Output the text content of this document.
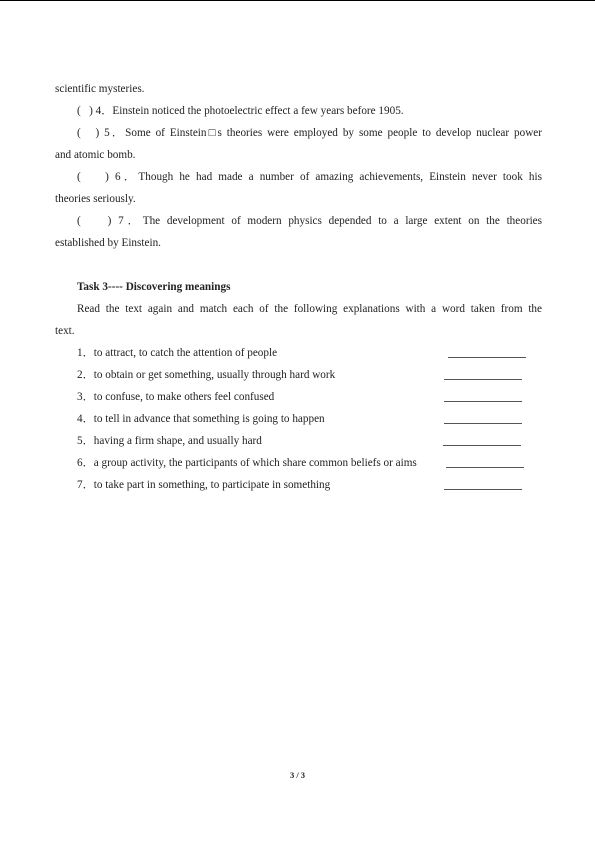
scientific mysteries.
(   ) 4．Einstein noticed the photoelectric effect a few years before 1905.
(   ) 5．Some of Einstein□s theories were employed by some people to develop nuclear power
and atomic bomb.
(    ) 6．Though he had made a number of amazing achievements, Einstein never took his
theories seriously.
(    ) 7．The development of modern physics depended to a large extent on the theories
established by Einstein.
Task 3---- Discovering meanings
Read the text again and match each of the following explanations with a word taken from the
text.
1．to attract, to catch the attention of people
2．to obtain or get something, usually through hard work
3．to confuse, to make others feel confused
4．to tell in advance that something is going to happen
5．having a firm shape, and usually hard
6．a group activity, the participants of which share common beliefs or aims
7．to take part in something, to participate in something
3 / 3
